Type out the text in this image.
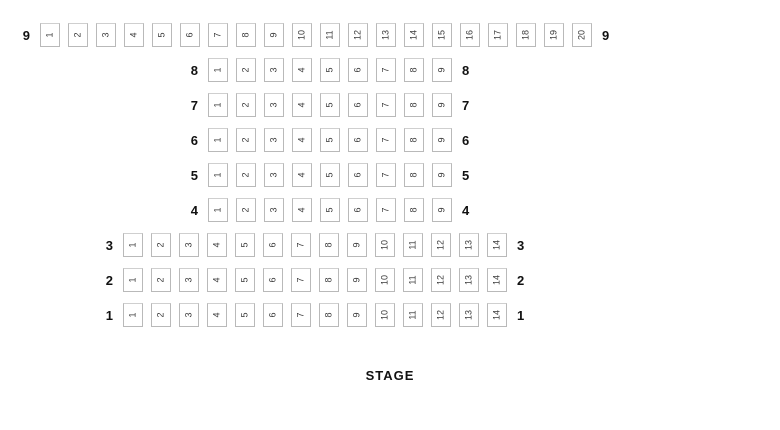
9 1 2 3 4 5 6 7 8 9 10 11 12 13 14 15 16 17 18 19 20 9
8 1 2 3 4 5 6 7 8 9 8
7 1 2 3 4 5 6 7 8 9 7
6 1 2 3 4 5 6 7 8 9 6
5 1 2 3 4 5 6 7 8 9 5
4 1 2 3 4 5 6 7 8 9 4
3 1 2 3 4 5 6 7 8 9 10 11 12 13 14 3
2 1 2 3 4 5 6 7 8 9 10 11 12 13 14 2
1 1 2 3 4 5 6 7 8 9 10 11 12 13 14 1
STAGE
